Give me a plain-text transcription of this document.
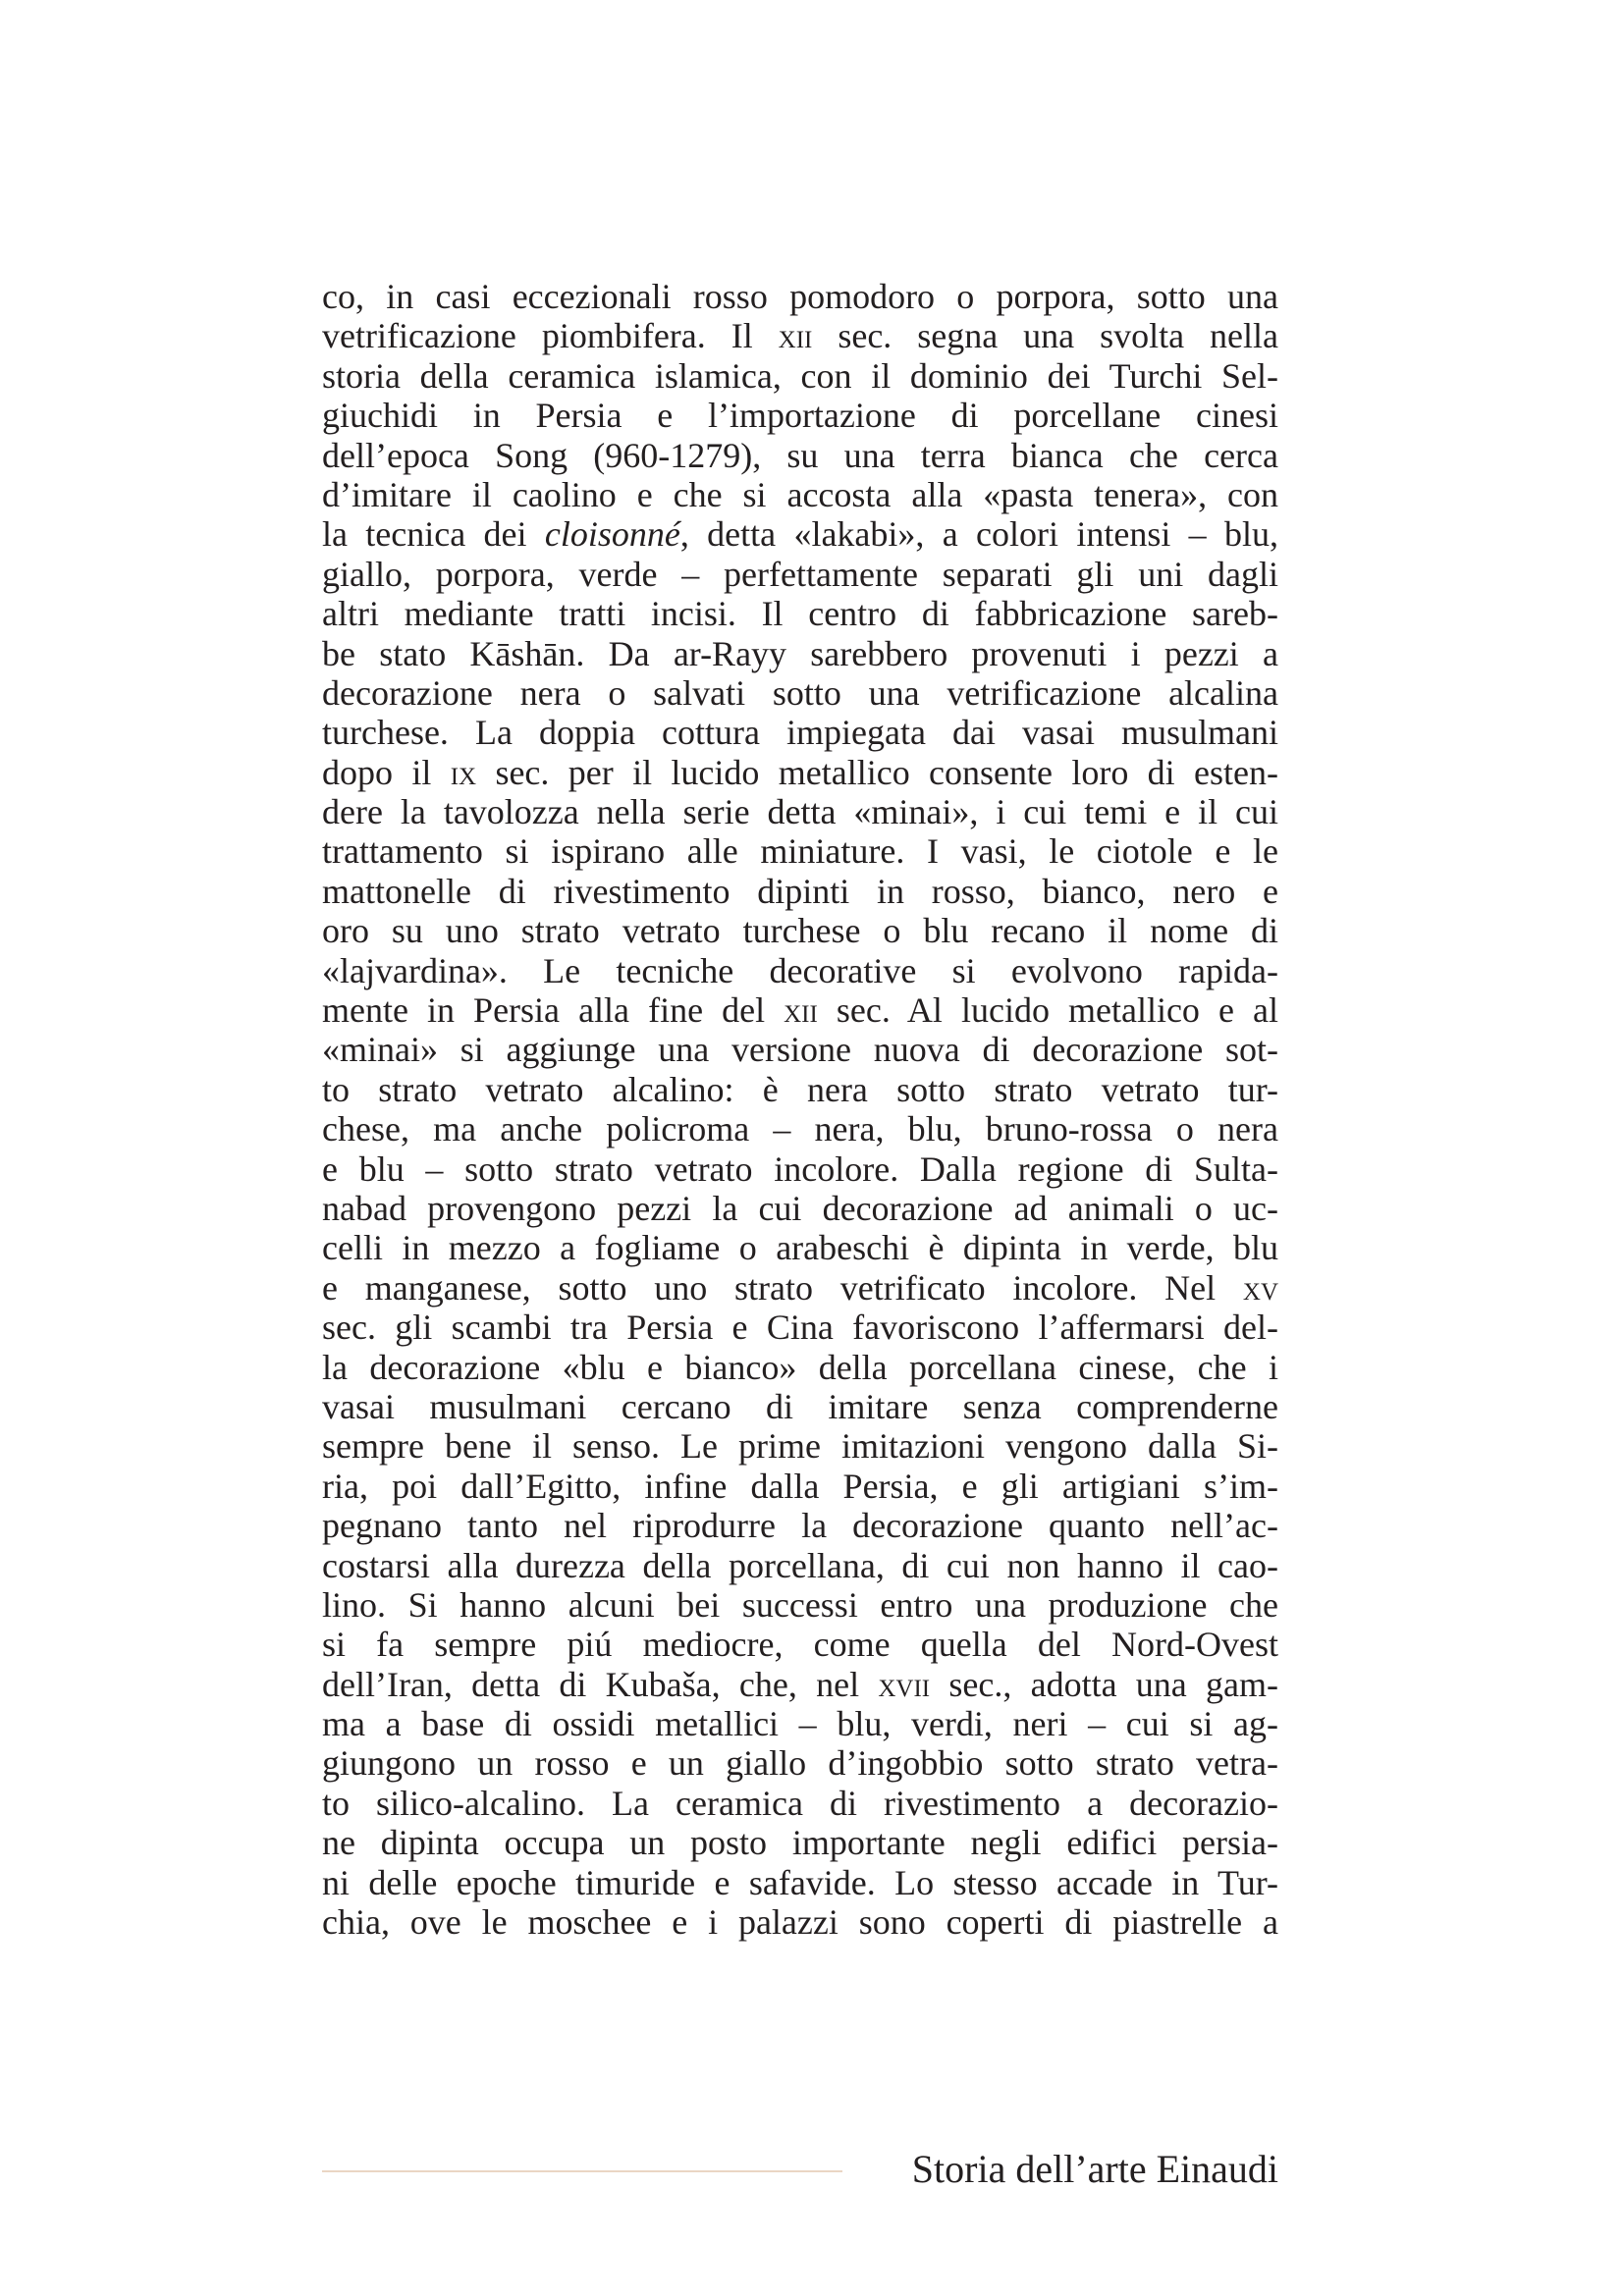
co, in casi eccezionali rosso pomodoro o porpora, sotto una
vetrificazione piombifera. Il xii sec. segna una svolta nella
storia della ceramica islamica, con il dominio dei Turchi Sel-
giuchidi in Persia e l’importazione di porcellane cinesi
dell’epoca Song (960-1279), su una terra bianca che cerca
d’imitare il caolino e che si accosta alla «pasta tenera», con
la tecnica dei cloisonné, detta «lakabi», a colori intensi – blu,
giallo, porpora, verde – perfettamente separati gli uni dagli
altri mediante tratti incisi. Il centro di fabbricazione sareb-
be stato Kāshān. Da ar-Rayy sarebbero provenuti i pezzi a
decorazione nera o salvati sotto una vetrificazione alcalina
turchese. La doppia cottura impiegata dai vasai musulmani
dopo il ix sec. per il lucido metallico consente loro di esten-
dere la tavolozza nella serie detta «minai», i cui temi e il cui
trattamento si ispirano alle miniature. I vasi, le ciotole e le
mattonelle di rivestimento dipinti in rosso, bianco, nero e
oro su uno strato vetrato turchese o blu recano il nome di
«lajvardina». Le tecniche decorative si evolvono rapida-
mente in Persia alla fine del xii sec. Al lucido metallico e al
«minai» si aggiunge una versione nuova di decorazione sot-
to strato vetrato alcalino: è nera sotto strato vetrato tur-
chese, ma anche policroma – nera, blu, bruno-rossa o nera
e blu – sotto strato vetrato incolore. Dalla regione di Sulta-
nabad provengono pezzi la cui decorazione ad animali o uc-
celli in mezzo a fogliame o arabeschi è dipinta in verde, blu
e manganese, sotto uno strato vetrificato incolore. Nel xv
sec. gli scambi tra Persia e Cina favoriscono l’affermarsi del-
la decorazione «blu e bianco» della porcellana cinese, che i
vasai musulmani cercano di imitare senza comprenderne
sempre bene il senso. Le prime imitazioni vengono dalla Si-
ria, poi dall’Egitto, infine dalla Persia, e gli artigiani s’im-
pegnano tanto nel riprodurre la decorazione quanto nell’ac-
costarsi alla durezza della porcellana, di cui non hanno il cao-
lino. Si hanno alcuni bei successi entro una produzione che
si fa sempre piú mediocre, come quella del Nord-Ovest
dell’Iran, detta di Kubaša, che, nel xvii sec., adotta una gam-
ma a base di ossidi metallici – blu, verdi, neri – cui si ag-
giungono un rosso e un giallo d’ingobbio sotto strato vetra-
to silico-alcalino. La ceramica di rivestimento a decorazio-
ne dipinta occupa un posto importante negli edifici persia-
ni delle epoche timuride e safavide. Lo stesso accade in Tur-
chia, ove le moschee e i palazzi sono coperti di piastrelle a
Storia dell’arte Einaudi
